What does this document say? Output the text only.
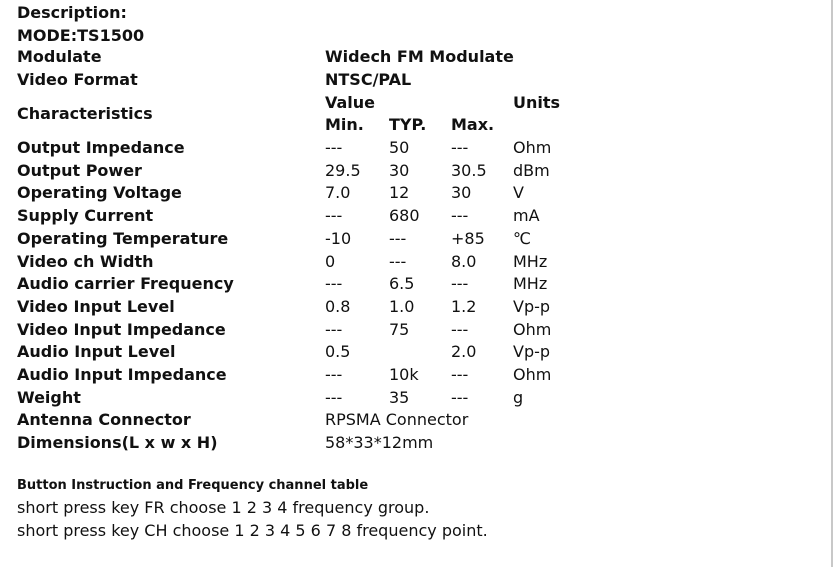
Description:
MODE:TS1500
Modulate	Widech FM Modulate			
Video Format	NTSC/PAL			
Characteristics	Value			Units
	Min.	TYP.	Max.	
Output Impedance	---	50	---	Ohm
Output Power	29.5	30	30.5	dBm
Operating Voltage	7.0	12	30	V
Supply Current	---	680	---	mA
Operating Temperature	-10	---	+85	℃
Video ch Width	0	---	8.0	MHz
Audio carrier Frequency	---	6.5	---	MHz
Video Input Level	0.8	1.0	1.2	Vp-p
Video Input Impedance	---	75	---	Ohm
Audio Input Level	0.5		2.0	Vp-p
Audio Input Impedance	---	10k	---	Ohm
Weight	---	35	---	g
Antenna Connector	RPSMA Connector			
Dimensions(L x w x H)	58*33*12mm			
Button Instruction and Frequency channel table
short press key FR choose 1 2 3 4 frequency group.
short press key CH choose 1 2 3 4 5 6 7 8 frequency point.
